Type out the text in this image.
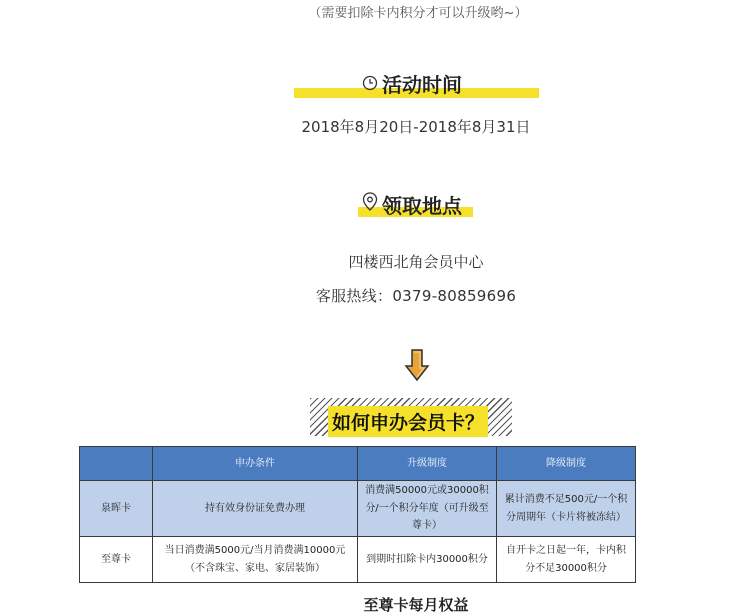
（需要扣除卡内积分才可以升级哟~）
活动时间
2018年8月20日-2018年8月31日
领取地点
四楼西北角会员中心
客服热线：0379-80859696
如何申办会员卡？
	申办条件	升级制度	降级制度
泉晖卡	持有效身份证免费办理	消费满50000元或30000积分/一个积分年度（可升级至尊卡）	累计消费不足500元/一个积分周期年（卡片将被冻结）
至尊卡	当日消费满5000元/当月消费满10000元（不含珠宝、家电、家居装饰）	到期时扣除卡内30000积分	自开卡之日起一年，卡内积分不足30000积分
至尊卡每月权益
